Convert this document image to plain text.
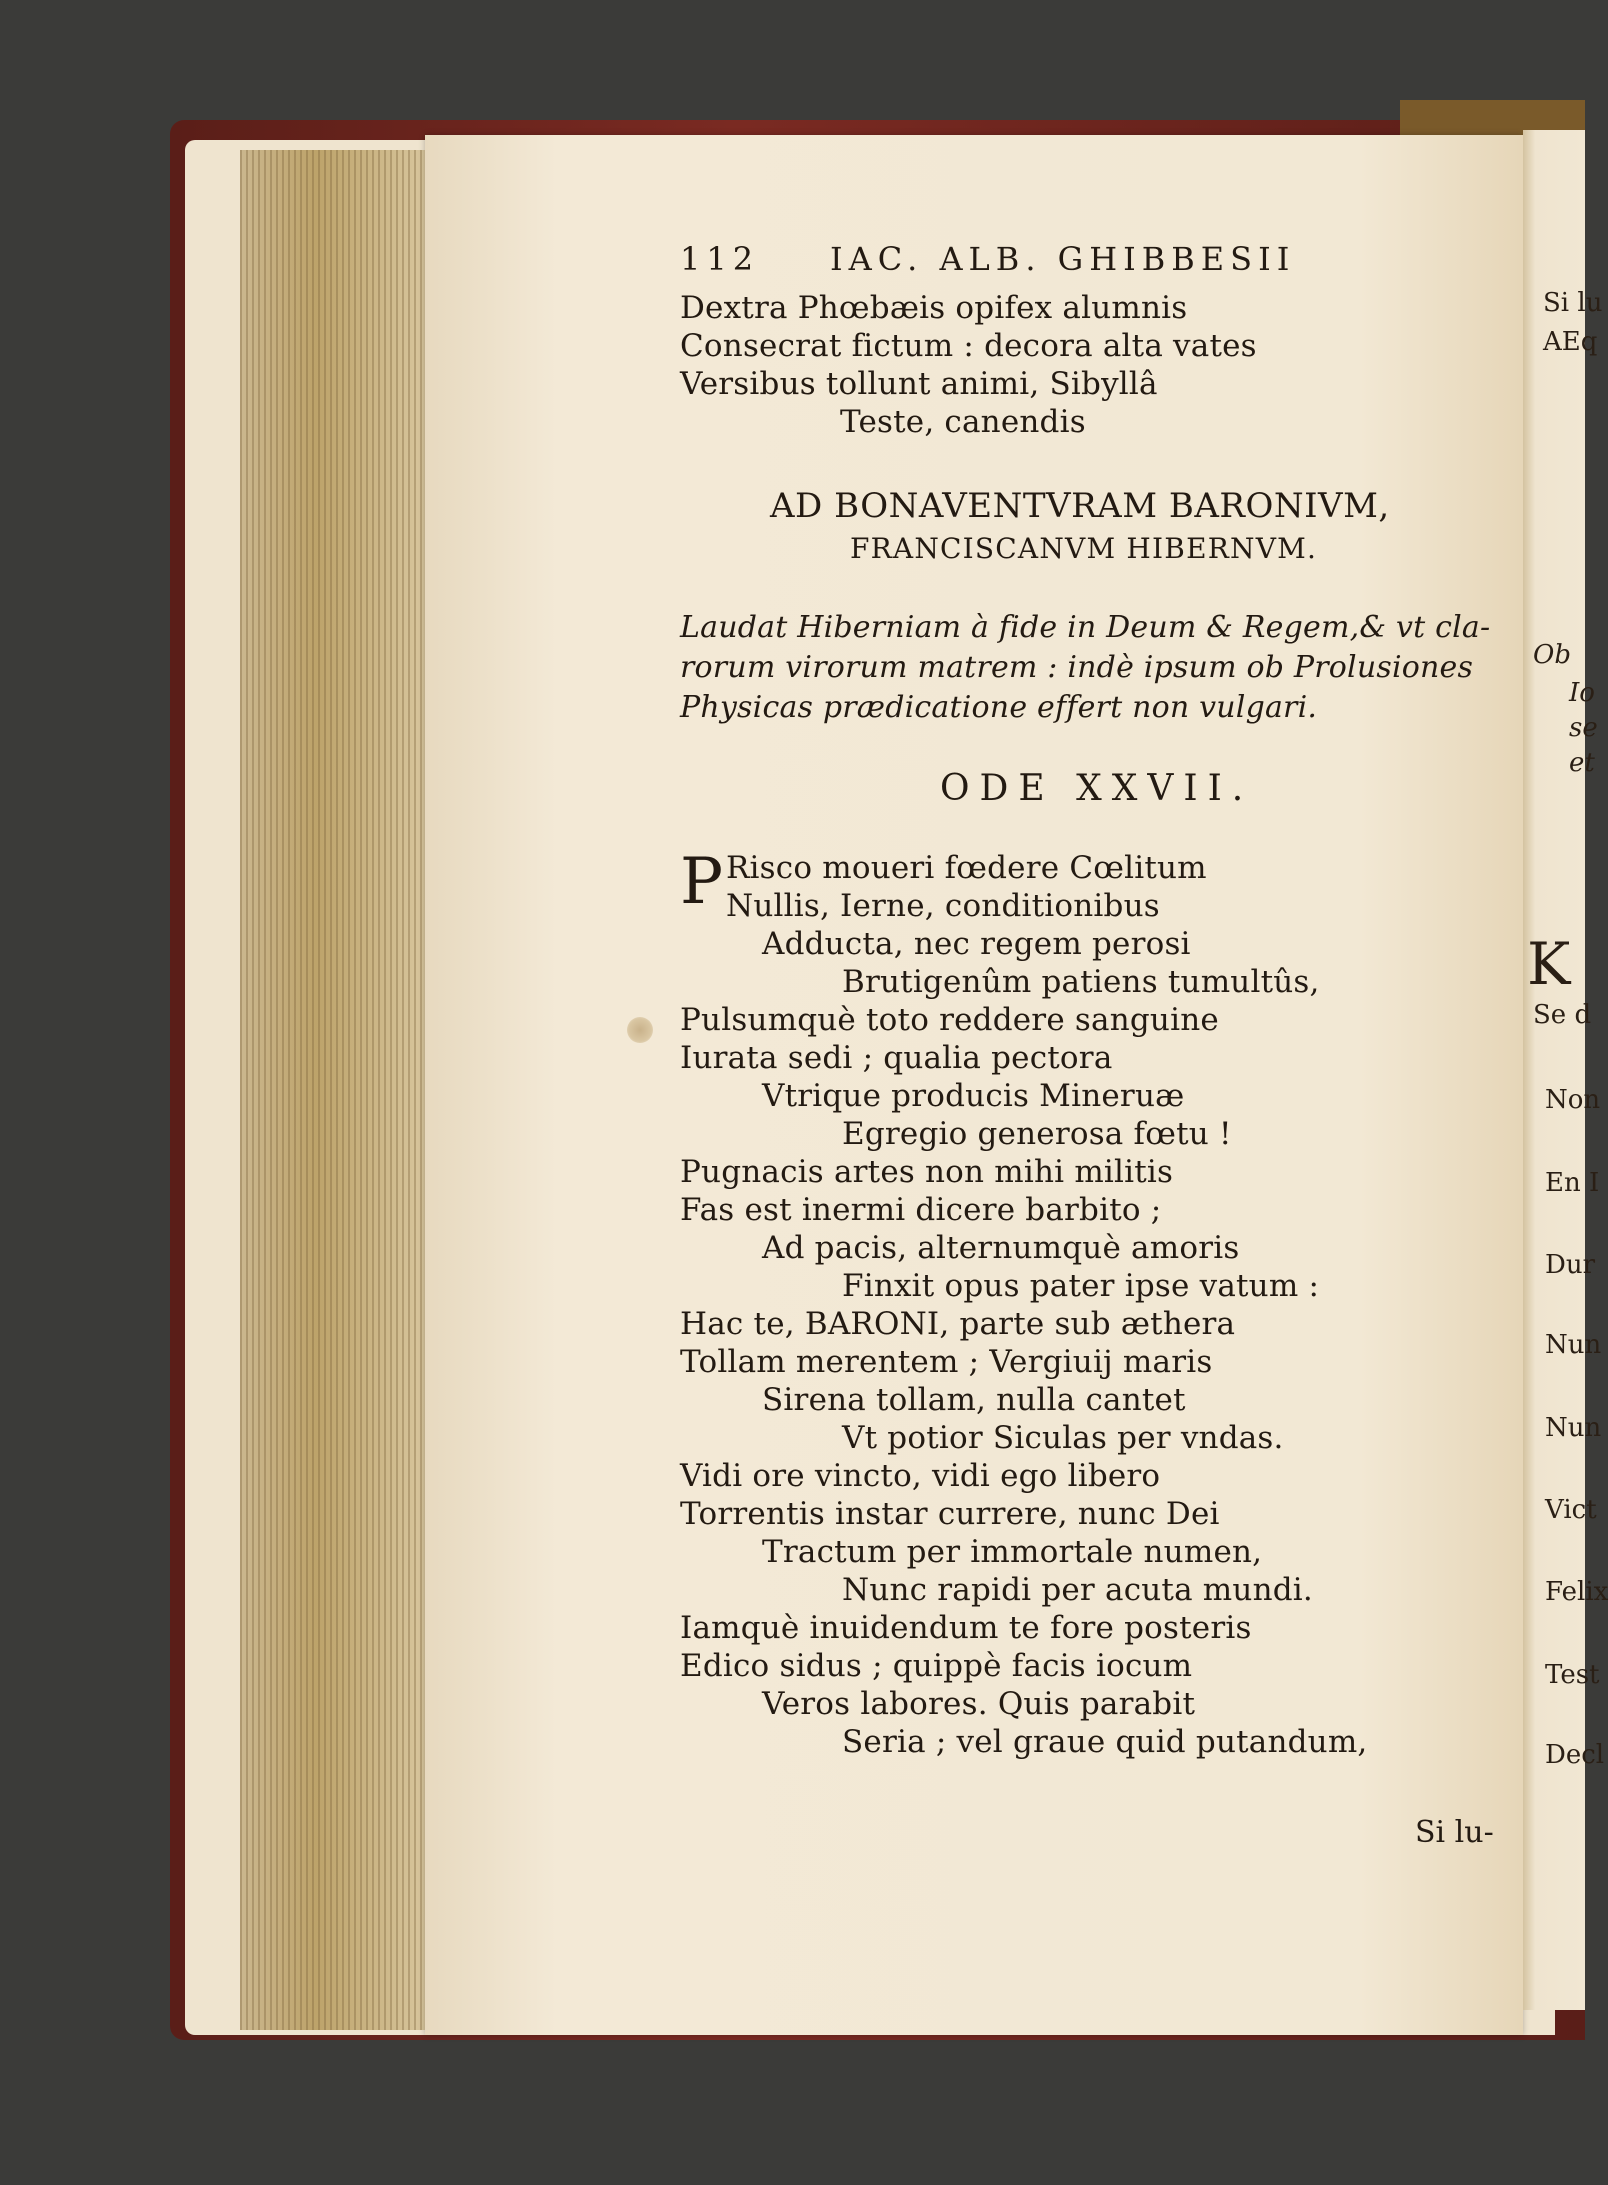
Si lu
AEq
Ob
Io
se
et
K
Se d
Non
En I
Dur
Nun
Nun
Vict
Felix
Test
Decl
112 IAC. ALB. GHIBBESII
Dextra Phœbæis opifex alumnis
Consecrat fictum : decora alta vates
Versibus tollunt animi, Sibyllâ
Teste, canendis
AD BONAVENTVRAM BARONIVM,
FRANCISCANVM HIBERNVM.
Laudat Hiberniam à fide in Deum & Regem,& vt cla-
rorum virorum matrem : indè ipsum ob Prolusiones
Physicas prædicatione effert non vulgari.
ODE XXVII.
P Risco moueri fœdere Cœlitum
Nullis, Ierne, conditionibus
Adducta, nec regem perosi
Brutigenûm patiens tumultûs,
Pulsumquè toto reddere sanguine
Iurata sedi ; qualia pectora
Vtrique producis Mineruæ
Egregio generosa fœtu !
Pugnacis artes non mihi militis
Fas est inermi dicere barbito ;
Ad pacis, alternumquè amoris
Finxit opus pater ipse vatum :
Hac te, BARONI, parte sub æthera
Tollam merentem ; Vergiuij maris
Sirena tollam, nulla cantet
Vt potior Siculas per vndas.
Vidi ore vincto, vidi ego libero
Torrentis instar currere, nunc Dei
Tractum per immortale numen,
Nunc rapidi per acuta mundi.
Iamquè inuidendum te fore posteris
Edico sidus ; quippè facis iocum
Veros labores. Quis parabit
Seria ; vel graue quid putandum,
Si lu-
